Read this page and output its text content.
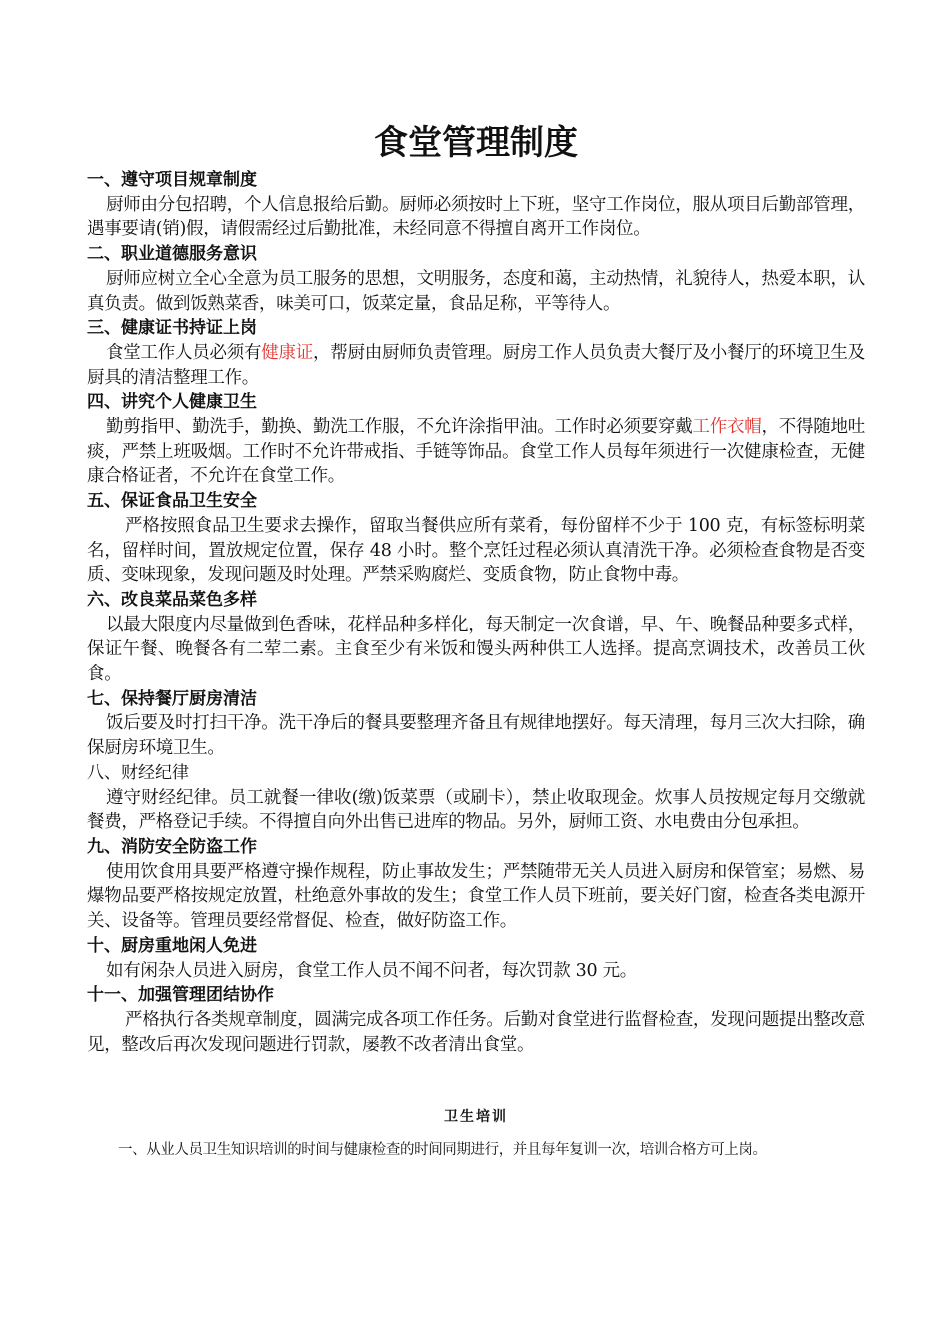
食堂管理制度
一、遵守项目规章制度

厨师由分包招聘，个人信息报给后勤。厨师必须按时上下班，坚守工作岗位，服从项目后勤部管理，遇事要请(销)假，请假需经过后勤批准，未经同意不得擅自离开工作岗位。

二、职业道德服务意识

厨师应树立全心全意为员工服务的思想，文明服务，态度和蔼，主动热情，礼貌待人，热爱本职，认真负责。做到饭熟菜香，味美可口，饭菜定量，食品足称，平等待人。

三、健康证书持证上岗

食堂工作人员必须有健康证，帮厨由厨师负责管理。厨房工作人员负责大餐厅及小餐厅的环境卫生及厨具的清洁整理工作。

四、讲究个人健康卫生

勤剪指甲、勤洗手，勤换、勤洗工作服，不允许涂指甲油。工作时必须要穿戴工作衣帽，不得随地吐痰，严禁上班吸烟。工作时不允许带戒指、手链等饰品。食堂工作人员每年须进行一次健康检查，无健康合格证者，不允许在食堂工作。

五、保证食品卫生安全

严格按照食品卫生要求去操作，留取当餐供应所有菜肴，每份留样不少于 100 克，有标签标明菜名，留样时间，置放规定位置，保存 48 小时。整个烹饪过程必须认真清洗干净。必须检查食物是否变质、变味现象，发现问题及时处理。严禁采购腐烂、变质食物，防止食物中毒。

六、改良菜品菜色多样

以最大限度内尽量做到色香味，花样品种多样化，每天制定一次食谱，早、午、晚餐品种要多式样，保证午餐、晚餐各有二荤二素。主食至少有米饭和馒头两种供工人选择。提高烹调技术，改善员工伙食。

七、保持餐厅厨房清洁

饭后要及时打扫干净。洗干净后的餐具要整理齐备且有规律地摆好。每天清理，每月三次大扫除，确保厨房环境卫生。

八、财经纪律

遵守财经纪律。员工就餐一律收(缴)饭菜票（或刷卡），禁止收取现金。炊事人员按规定每月交缴就餐费，严格登记手续。不得擅自向外出售已进库的物品。另外，厨师工资、水电费由分包承担。

九、消防安全防盗工作

使用饮食用具要严格遵守操作规程，防止事故发生；严禁随带无关人员进入厨房和保管室；易燃、易爆物品要严格按规定放置，杜绝意外事故的发生；食堂工作人员下班前，要关好门窗，检查各类电源开关、设备等。管理员要经常督促、检查，做好防盗工作。

十、厨房重地闲人免进

如有闲杂人员进入厨房，食堂工作人员不闻不问者，每次罚款 30 元。

十一、加强管理团结协作

严格执行各类规章制度，圆满完成各项工作任务。后勤对食堂进行监督检查，发现问题提出整改意见，整改后再次发现问题进行罚款，屡教不改者清出食堂。

卫生培训

一、从业人员卫生知识培训的时间与健康检查的时间同期进行，并且每年复训一次，培训合格方可上岗。
